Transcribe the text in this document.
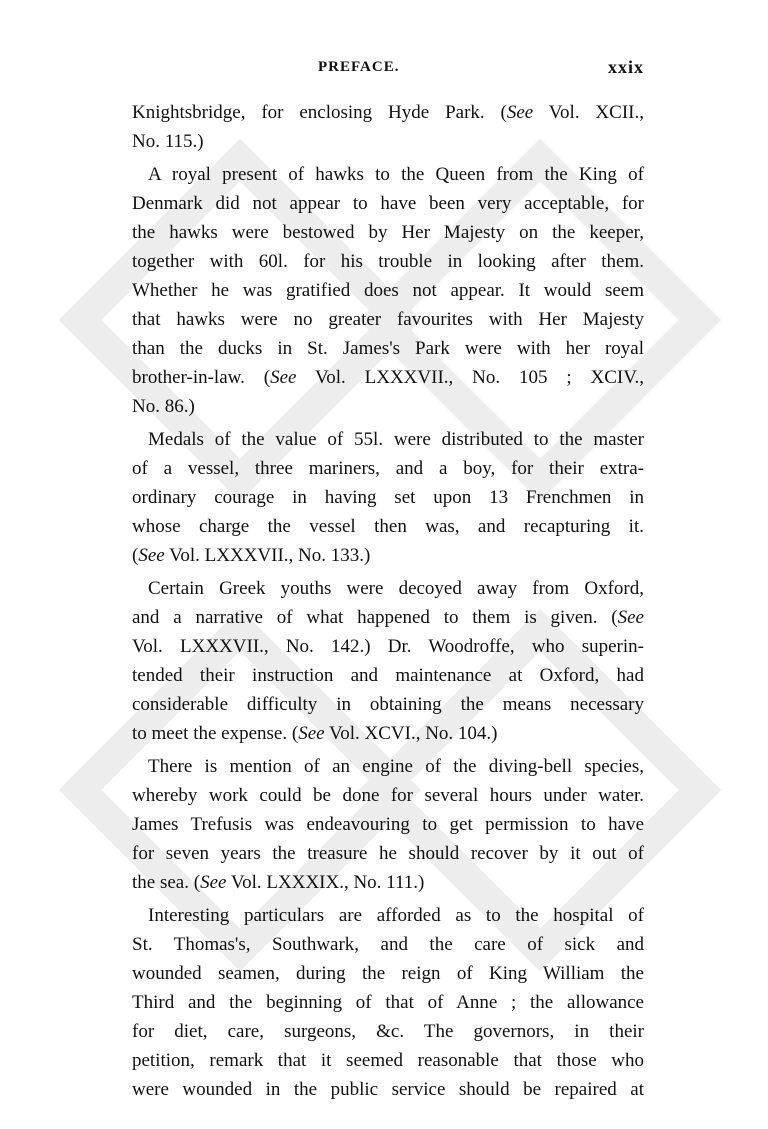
PREFACE.	xxix
Knightsbridge, for enclosing Hyde Park. (See Vol. XCII.,
No. 115.)
A royal present of hawks to the Queen from the King of
Denmark did not appear to have been very acceptable, for
the hawks were bestowed by Her Majesty on the keeper,
together with 60l. for his trouble in looking after them.
Whether he was gratified does not appear. It would seem
that hawks were no greater favourites with Her Majesty
than the ducks in St. James's Park were with her royal
brother-in-law. (See Vol. LXXXVII., No. 105 ; XCIV.,
No. 86.)
Medals of the value of 55l. were distributed to the master
of a vessel, three mariners, and a boy, for their extra-
ordinary courage in having set upon 13 Frenchmen in
whose charge the vessel then was, and recapturing it.
(See Vol. LXXXVII., No. 133.)
Certain Greek youths were decoyed away from Oxford,
and a narrative of what happened to them is given. (See
Vol. LXXXVII., No. 142.) Dr. Woodroffe, who superin-
tended their instruction and maintenance at Oxford, had
considerable difficulty in obtaining the means necessary
to meet the expense. (See Vol. XCVI., No. 104.)
There is mention of an engine of the diving-bell species,
whereby work could be done for several hours under water.
James Trefusis was endeavouring to get permission to have
for seven years the treasure he should recover by it out of
the sea. (See Vol. LXXXIX., No. 111.)
Interesting particulars are afforded as to the hospital of
St. Thomas's, Southwark, and the care of sick and
wounded seamen, during the reign of King William the
Third and the beginning of that of Anne ; the allowance
for diet, care, surgeons, &c. The governors, in their
petition, remark that it seemed reasonable that those who
were wounded in the public service should be repaired at
